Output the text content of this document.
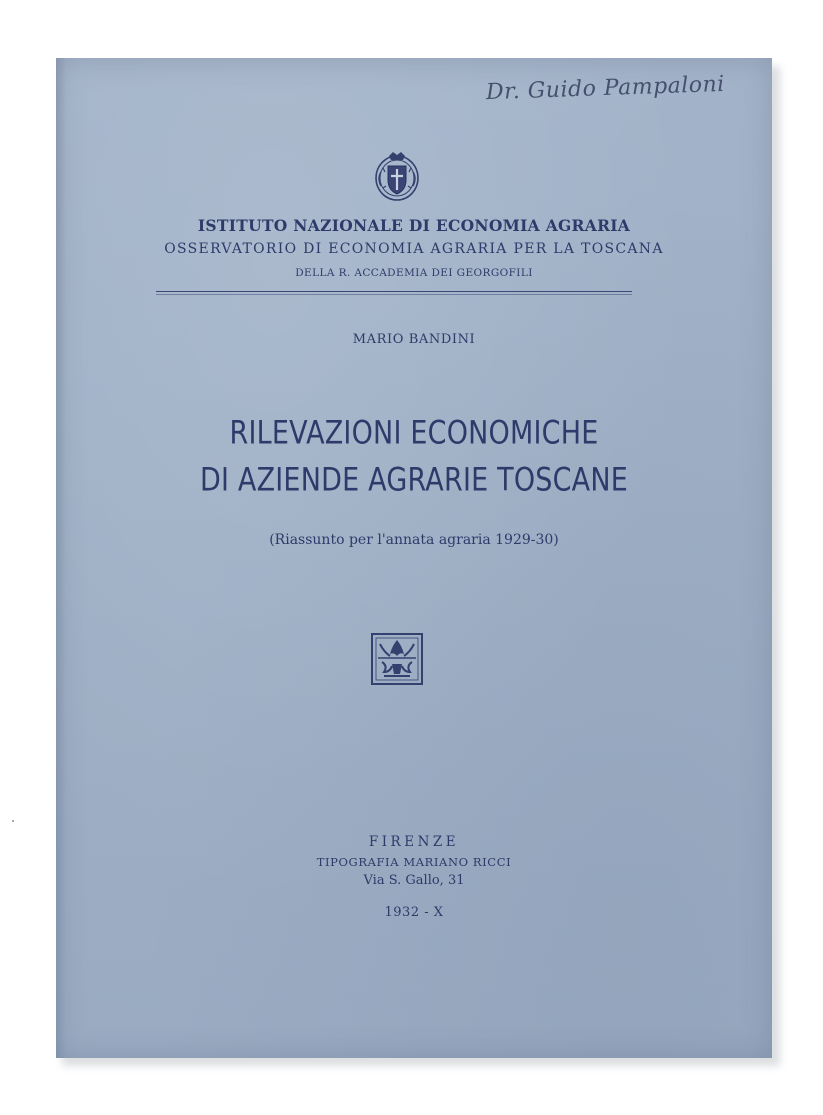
Dr. Guido Pampaloni
ISTITUTO NAZIONALE DI ECONOMIA AGRARIA
OSSERVATORIO DI ECONOMIA AGRARIA PER LA TOSCANA
DELLA R. ACCADEMIA DEI GEORGOFILI
MARIO BANDINI
RILEVAZIONI ECONOMICHE
DI AZIENDE AGRARIE TOSCANE
(Riassunto per l'annata agraria 1929-30)
FIRENZE
TIPOGRAFIA MARIANO RICCI
Via S. Gallo, 31
1932 - X
